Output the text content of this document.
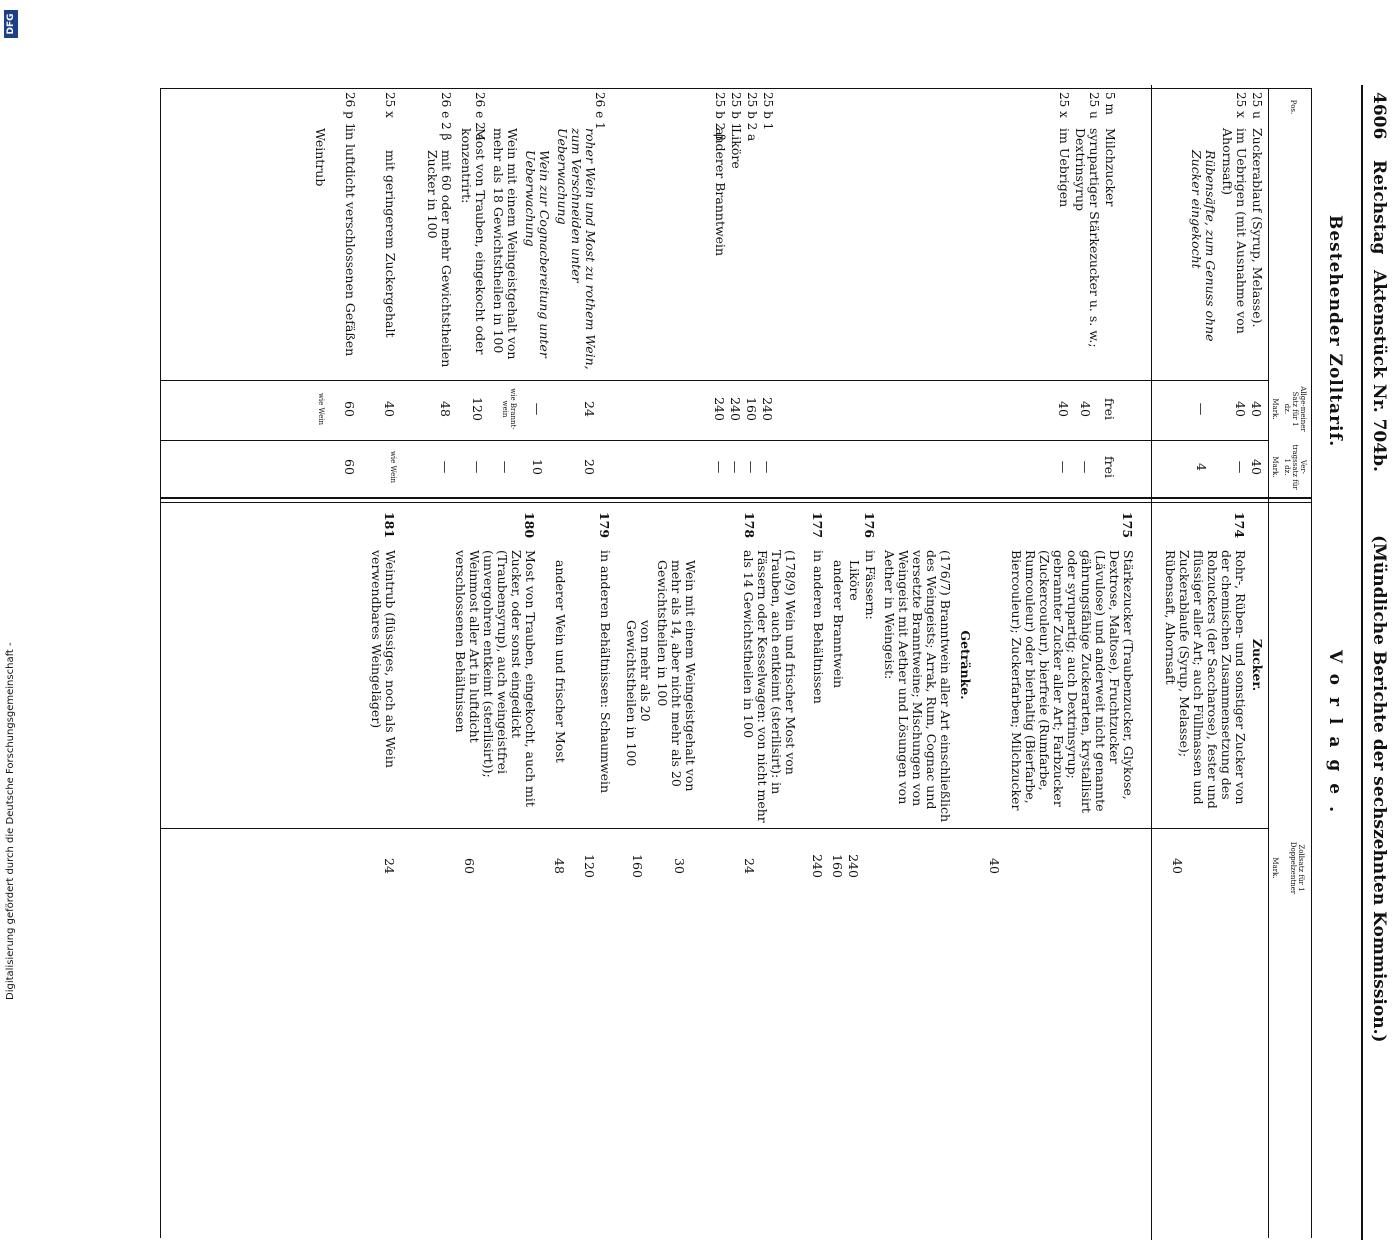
4606
Reichstag
Aktenstück Nr. 704b.
(Mündliche Berichte der sechszehnten Kommission.)
Bestehender Zolltarif.
Vorlage.
Pos.
Allge-meiner Satz für 1 dz.
Ver-tragssatz für 1 dz.
Mark.
Mark.
Zollsatz für 1 Doppelzentner
Mark.
25 u
Zuckerablauf (Syrup, Melasse).
40
40
25 x
im Uebrigen (mit Ausnahme von Ahornsaft)
40
—
Rübensäfte, zum Genuss ohne Zucker eingekocht
—
4
5 m
Milchzucker
frei
frei
25 u
syrupartiger Stärkezucker u. s. w.; Dextrinsyrup
40
—
25 x
im Uebrigen
40
—
25 b 1
240
—
25 b 2 a
160
—
25 b 1
Liköre
240
—
25 b 2 β
anderer Branntwein
240
—
26 e 1
roher Wein und Most zu rothem Wein, zum Verschneiden unter Ueberwachung
24
20
Wein zur Cognacbereitung unter Ueberwachung
—
10
Wein mit einem Weingeistgehalt von mehr als 18 Gewichtstheilen in 100
wie Brannt-wein
—
26 e 2 a
Most von Trauben, eingekocht oder konzentrirt:
120
—
26 e 2 β
mit 60 oder mehr Gewichtstheilen Zucker in 100
48
—
25 x
mit geringerem Zuckergehalt
40
wie Wein
26 p 1
in luftdicht verschlossenen Gefäßen
60
60
Weintrub
wie Wein
Zucker.
174
Rohr-, Rüben- und sonstiger Zucker von der chemischen Zusammensetzung des Rohzuckers (der Saccharose), fester und flüssiger aller Art; auch Füllmassen und Zuckerablaufe (Syrup, Melasse); Rübensaft, Ahornsaft
40
175
Stärkezucker (Traubenzucker, Glykose, Dextrose, Maltose), Fruchtzucker (Lävulose) und anderweit nicht genannte gährungsfähige Zuckerarten, krystallisirt oder syrupartig; auch Dextrinsyrup; gebrannter Zucker aller Art; Farbzucker (Zuckercouleur), bierfreie (Rumfarbe, Rumcouleur) oder bierhaltig (Bierfarbe, Biercouleur); Zuckerfarben; Milchzucker
40
Getränke.
(176/7) Branntwein aller Art einschließlich des Weingeists; Arrak, Rum, Cognac und versetzte Branntweine; Mischungen von Weingeist mit Aether und Lösungen von Aether in Weingeist:
176
in Fässern:
Liköre
240
anderer Branntwein
160
177
in anderen Behältnissen
240
178
(178/9) Wein und frischer Most von Trauben, auch entkeimt (sterilisirt): in Fässern oder Kesselwagen: von nicht mehr als 14 Gewichtstheilen in 100
24
Wein mit einem Weingeistgehalt von mehr als 14, aber nicht mehr als 20 Gewichtstheilen in 100
30
von mehr als 20 Gewichtstheilen in 100
160
179
in anderen Behältnissen: Schaumwein
120
anderer Wein und frischer Most
48
180
Most von Trauben, eingekocht, auch mit Zucker, oder sonst eingedickt (Traubensyrup), auch weingeistfrei (unvergohren entkeimt (sterilisirt)); Weinmost aller Art in luftdicht verschlossenen Behältnissen
60
181
Weintrub (flüssiges, noch als Wein verwendbares Weingeläger)
24
Digitalisierung gefördert durch die Deutsche Forschungsgemeinschaft -
DFG
